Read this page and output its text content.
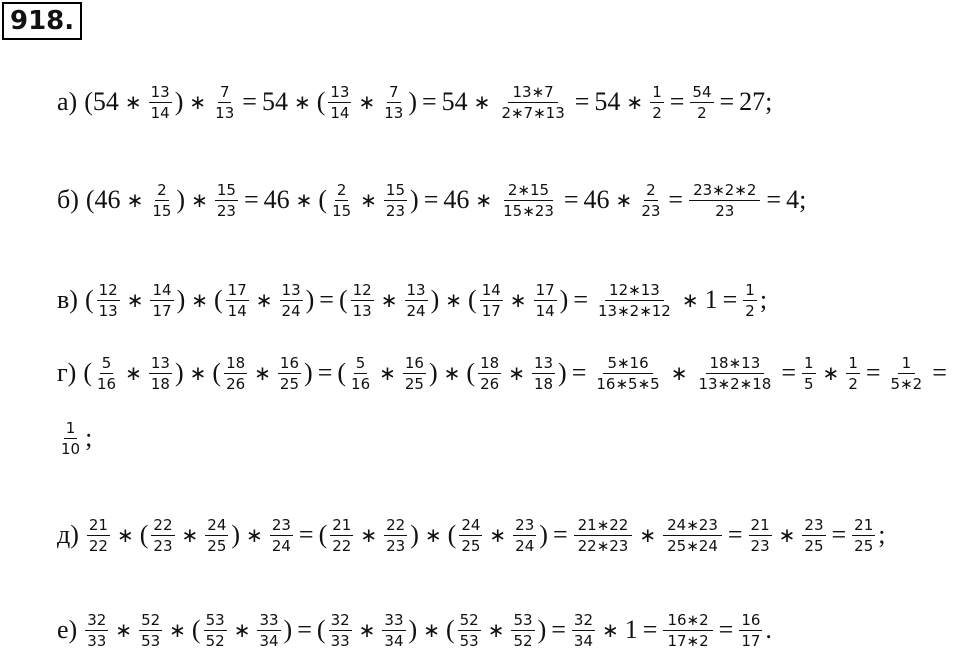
918.
а) (54 ∗ $\frac{13}{14}$ ) ∗ $\frac{7}{13} = 54$ ∗ ( $\frac{13}{14}$ ∗ $\frac{7}{13}$ ) = 54 ∗ $\frac{13∗7}{2∗7∗13} = 54$ ∗ $\frac{1}{2} = \frac{54}{2} = 27$;
б) (46 ∗ $\frac{2}{15}$ ) ∗ $\frac{15}{23} = 46$ ∗ ( $\frac{2}{15}$ ∗ $\frac{15}{23}$ ) = 46 ∗ $\frac{2∗15}{15∗23} = 46$ ∗ $\frac{2}{23} = \frac{23∗2∗2}{23} = 4$;
в) ( $\frac{12}{13}$ ∗ $\frac{14}{17}$ ) ∗ ( $\frac{17}{14}$ ∗ $\frac{13}{24}$ ) = ( $\frac{12}{13}$ ∗ $\frac{13}{24}$ ) ∗ ( $\frac{14}{17}$ ∗ $\frac{17}{14}$ ) = $\frac{12∗13}{13∗2∗12}$ ∗ $1 = \frac{1}{2}$ ;
г) ( $\frac{5}{16}$ ∗ $\frac{13}{18}$ ) ∗ ( $\frac{18}{26}$ ∗ $\frac{16}{25}$ ) = ( $\frac{5}{16}$ ∗ $\frac{16}{25}$ ) ∗ ( $\frac{18}{26}$ ∗ $\frac{13}{18}$ ) = $\frac{5∗16}{16∗5∗5}$ ∗ $\frac{18∗13}{13∗2∗18} = \frac{1}{5}$ ∗ $\frac{1}{2} = \frac{1}{5∗2}$ =
$\frac{1}{10}$ ;
$д) \frac{21}{22}$ ∗ ( $\frac{22}{23}$ ∗ $\frac{24}{25}$ ) ∗ $\frac{23}{24}$ = ( $\frac{21}{22}$ ∗ $\frac{22}{23}$ ) ∗ ( $\frac{24}{25}$ ∗ $\frac{23}{24}$ ) = $\frac{21∗22}{22∗23}$ ∗ $\frac{24∗23}{25∗24} = \frac{21}{23}$ ∗ $\frac{23}{25} = \frac{21}{25}$ ;
$е) \frac{32}{33}$ ∗ $\frac{52}{53}$ ∗ ( $\frac{53}{52}$ ∗ $\frac{33}{34}$ ) = ( $\frac{32}{33}$ ∗ $\frac{33}{34}$ ) ∗ ( $\frac{52}{53}$ ∗ $\frac{53}{52}$ ) = $\frac{32}{34}$ ∗ $1 = \frac{16∗2}{17∗2} = \frac{16}{17}$ .
